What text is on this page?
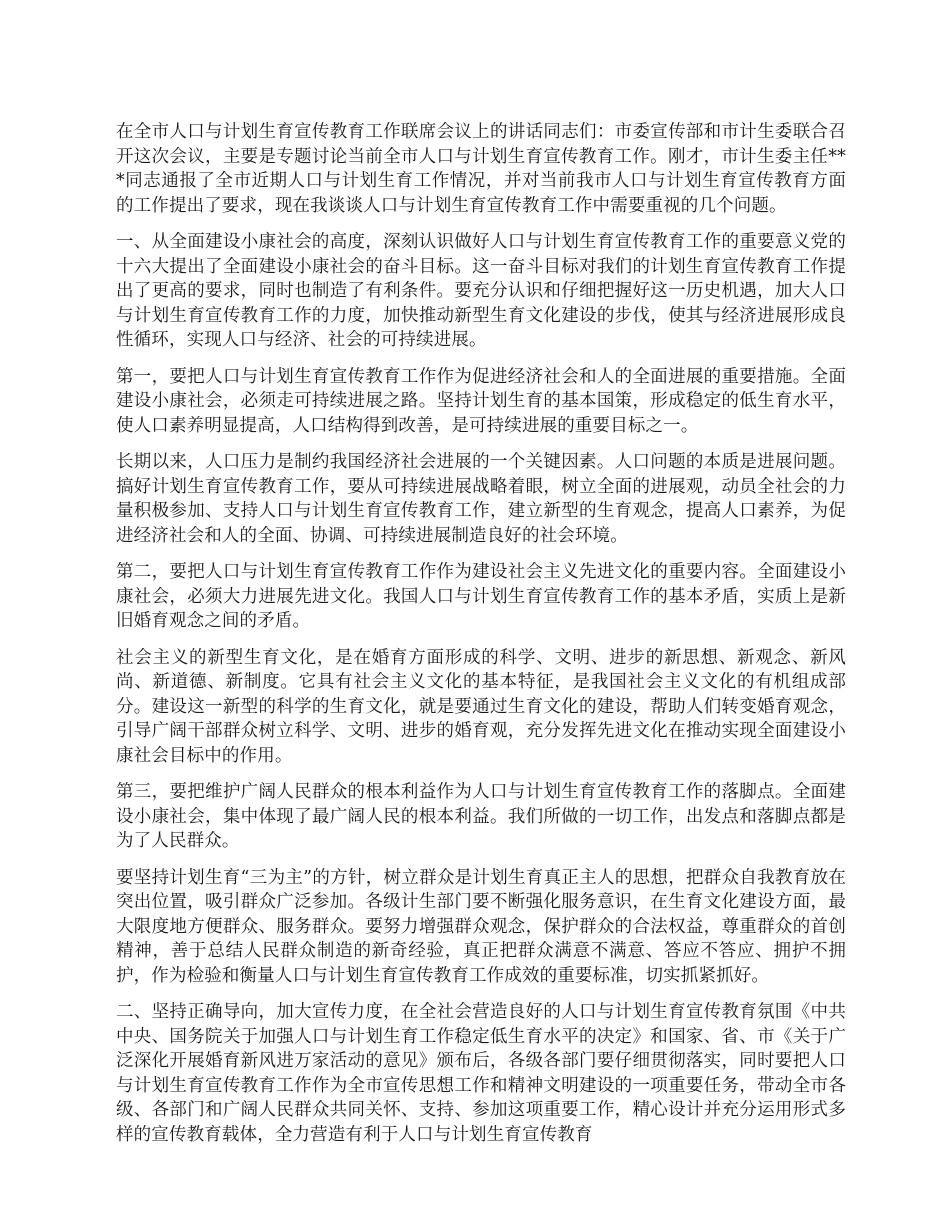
在全市人口与计划生育宣传教育工作联席会议上的讲话同志们：市委宣传部和市计生委联合召开这次会议，主要是专题讨论当前全市人口与计划生育宣传教育工作。刚才，市计生委主任***同志通报了全市近期人口与计划生育工作情况，并对当前我市人口与计划生育宣传教育方面的工作提出了要求，现在我谈谈人口与计划生育宣传教育工作中需要重视的几个问题。

一、从全面建设小康社会的高度，深刻认识做好人口与计划生育宣传教育工作的重要意义党的十六大提出了全面建设小康社会的奋斗目标。这一奋斗目标对我们的计划生育宣传教育工作提出了更高的要求，同时也制造了有利条件。要充分认识和仔细把握好这一历史机遇，加大人口与计划生育宣传教育工作的力度，加快推动新型生育文化建设的步伐，使其与经济进展形成良性循环，实现人口与经济、社会的可持续进展。

第一，要把人口与计划生育宣传教育工作作为促进经济社会和人的全面进展的重要措施。全面建设小康社会，必须走可持续进展之路。坚持计划生育的基本国策，形成稳定的低生育水平，使人口素养明显提高，人口结构得到改善，是可持续进展的重要目标之一。

长期以来，人口压力是制约我国经济社会进展的一个关键因素。人口问题的本质是进展问题。搞好计划生育宣传教育工作，要从可持续进展战略着眼，树立全面的进展观，动员全社会的力量积极参加、支持人口与计划生育宣传教育工作，建立新型的生育观念，提高人口素养，为促进经济社会和人的全面、协调、可持续进展制造良好的社会环境。

第二，要把人口与计划生育宣传教育工作作为建设社会主义先进文化的重要内容。全面建设小康社会，必须大力进展先进文化。我国人口与计划生育宣传教育工作的基本矛盾，实质上是新旧婚育观念之间的矛盾。

社会主义的新型生育文化，是在婚育方面形成的科学、文明、进步的新思想、新观念、新风尚、新道德、新制度。它具有社会主义文化的基本特征，是我国社会主义文化的有机组成部分。建设这一新型的科学的生育文化，就是要通过生育文化的建设，帮助人们转变婚育观念，引导广阔干部群众树立科学、文明、进步的婚育观，充分发挥先进文化在推动实现全面建设小康社会目标中的作用。

第三，要把维护广阔人民群众的根本利益作为人口与计划生育宣传教育工作的落脚点。全面建设小康社会，集中体现了最广阔人民的根本利益。我们所做的一切工作，出发点和落脚点都是为了人民群众。

要坚持计划生育“三为主”的方针，树立群众是计划生育真正主人的思想，把群众自我教育放在突出位置，吸引群众广泛参加。各级计生部门要不断强化服务意识，在生育文化建设方面，最大限度地方便群众、服务群众。要努力增强群众观念，保护群众的合法权益，尊重群众的首创精神，善于总结人民群众制造的新奇经验，真正把群众满意不满意、答应不答应、拥护不拥护，作为检验和衡量人口与计划生育宣传教育工作成效的重要标准，切实抓紧抓好。

二、坚持正确导向，加大宣传力度，在全社会营造良好的人口与计划生育宣传教育氛围《中共中央、国务院关于加强人口与计划生育工作稳定低生育水平的决定》和国家、省、市《关于广泛深化开展婚育新风进万家活动的意见》颁布后，各级各部门要仔细贯彻落实，同时要把人口与计划生育宣传教育工作作为全市宣传思想工作和精神文明建设的一项重要任务，带动全市各级、各部门和广阔人民群众共同关怀、支持、参加这项重要工作，精心设计并充分运用形式多样的宣传教育载体，全力营造有利于人口与计划生育宣传教育
